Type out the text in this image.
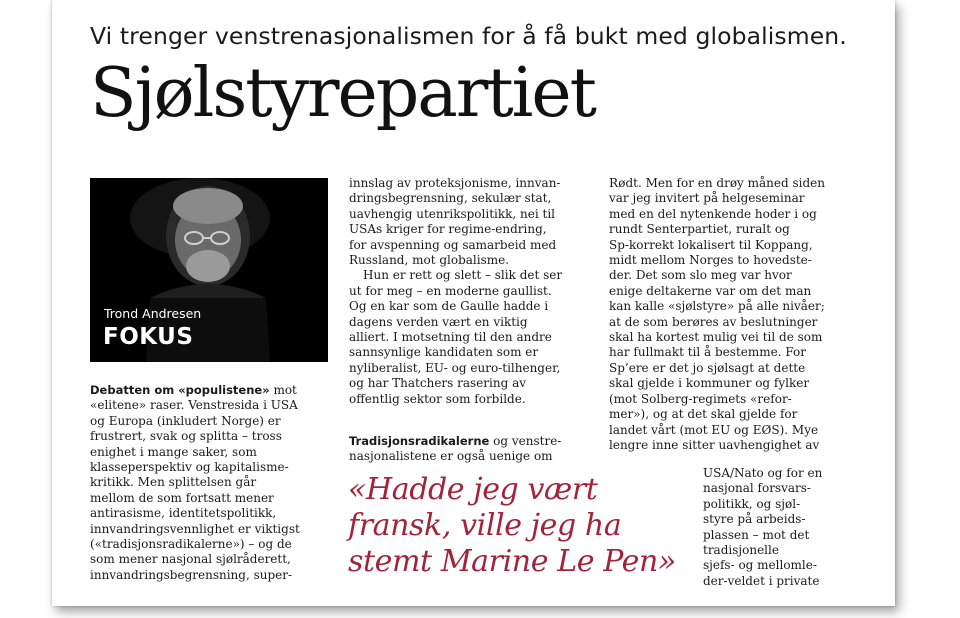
Vi trenger venstrenasjonalismen for å få bukt med globalismen.
Sjølstyrepartiet
Trond Andresen
FOKUS
Debatten om «populistene» mot
«elitene» raser. Venstresida i USA
og Europa (inkludert Norge) er
frustrert, svak og splitta – tross
enighet i mange saker, som
klasseperspektiv og kapitalisme-
kritikk. Men splittelsen går
mellom de som fortsatt mener
antirasisme, identitetspolitikk,
innvandringsvennlighet er viktigst
(«tradisjonsradikalerne») – og de
som mener nasjonal sjølråderett,
innvandringsbegrensning, super-
innslag av proteksjonisme, innvan-
dringsbegrensning, sekulær stat,
uavhengig utenrikspolitikk, nei til
USAs kriger for regime-endring,
for avspenning og samarbeid med
Russland, mot globalisme.
Hun er rett og slett – slik det ser
ut for meg – en moderne gaullist.
Og en kar som de Gaulle hadde i
dagens verden vært en viktig
alliert. I motsetning til den andre
sannsynlige kandidaten som er
nyliberalist, EU- og euro-tilhenger,
og har Thatchers rasering av
offentlig sektor som forbilde.
Tradisjonsradikalerne og venstre-
nasjonalistene er også uenige om
«Hadde jeg vært
fransk, ville jeg ha
stemt Marine Le Pen»
Rødt. Men for en drøy måned siden
var jeg invitert på helgeseminar
med en del nytenkende hoder i og
rundt Senterpartiet, ruralt og
Sp-korrekt lokalisert til Koppang,
midt mellom Norges to hovedste-
der. Det som slo meg var hvor
enige deltakerne var om det man
kan kalle «sjølstyre» på alle nivåer;
at de som berøres av beslutninger
skal ha kortest mulig vei til de som
har fullmakt til å bestemme. For
Sp’ere er det jo sjølsagt at dette
skal gjelde i kommuner og fylker
(mot Solberg-regimets «refor-
mer»), og at det skal gjelde for
landet vårt (mot EU og EØS). Mye
lengre inne sitter uavhengighet av
USA/Nato og for en
nasjonal forsvars-
politikk, og sjøl-
styre på arbeids-
plassen – mot det
tradisjonelle
sjefs- og mellomle-
der-veldet i private
